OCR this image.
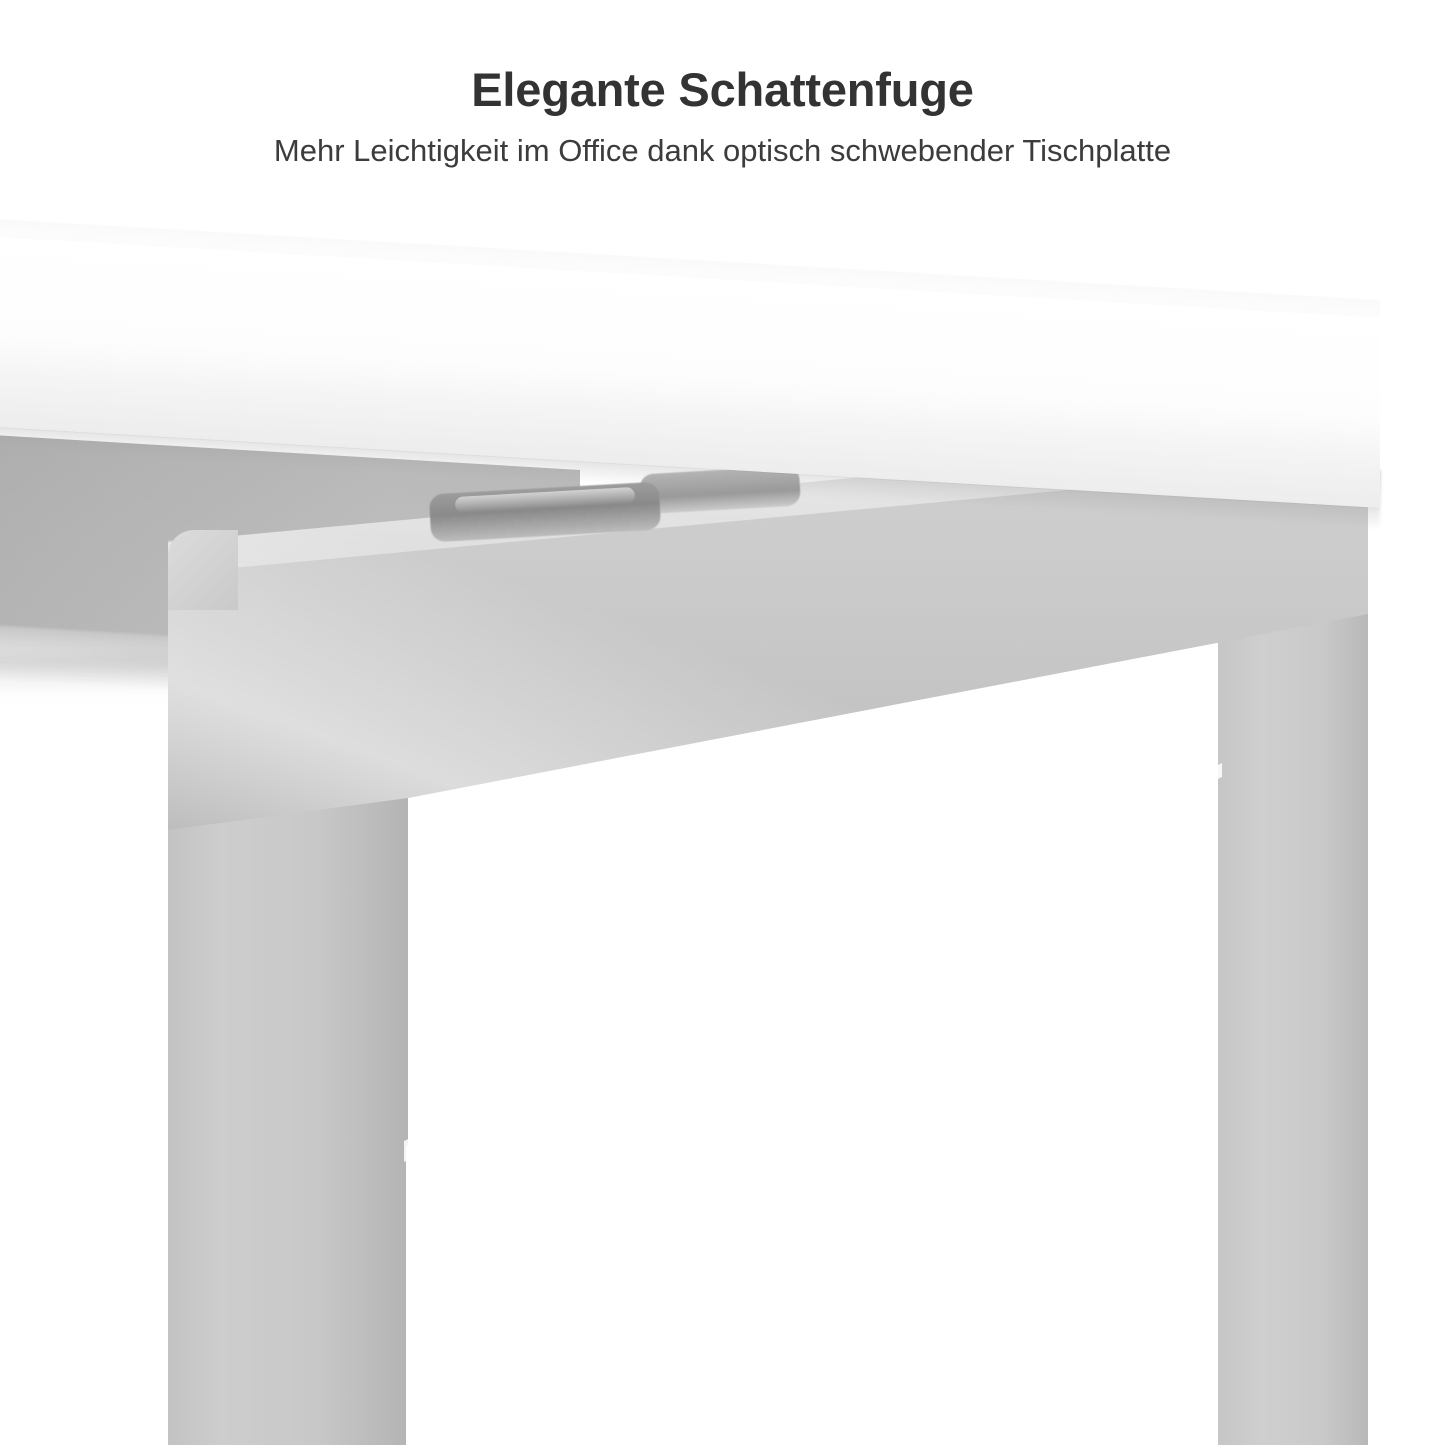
Elegante Schattenfuge

Mehr Leichtigkeit im Office dank optisch schwebender Tischplatte
